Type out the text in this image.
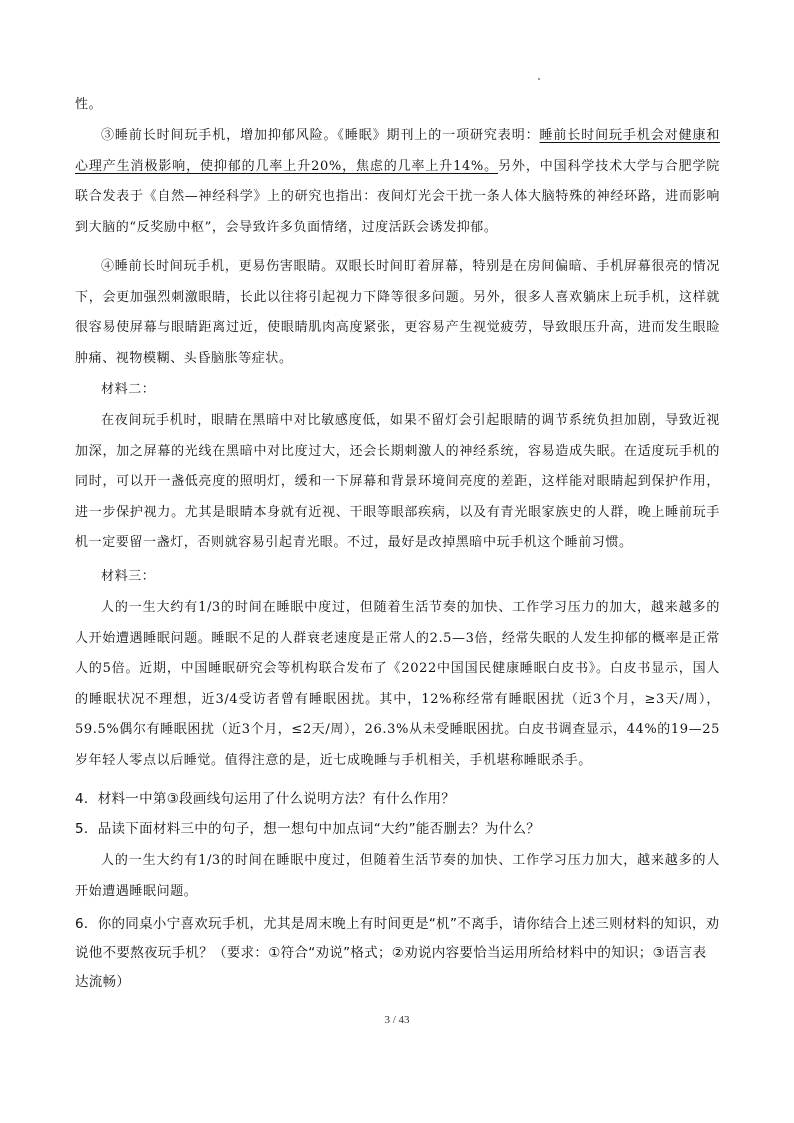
性。

③睡前长时间玩手机，增加抑郁风险。《睡眠》期刊上的一项研究表明：睡前长时间玩手机会对健康和心理产生消极影响，使抑郁的几率上升20%，焦虑的几率上升14%。另外，中国科学技术大学与合肥学院联合发表于《自然—神经科学》上的研究也指出：夜间灯光会干扰一条人体大脑特殊的神经环路，进而影响到大脑的“反奖励中枢”，会导致许多负面情绪，过度活跃会诱发抑郁。

④睡前长时间玩手机，更易伤害眼睛。双眼长时间盯着屏幕，特别是在房间偏暗、手机屏幕很亮的情况下，会更加强烈刺激眼睛，长此以往将引起视力下降等很多问题。另外，很多人喜欢躺床上玩手机，这样就很容易使屏幕与眼睛距离过近，使眼睛肌肉高度紧张，更容易产生视觉疲劳，导致眼压升高，进而发生眼睑肿痛、视物模糊、头昏脑胀等症状。

材料二：

在夜间玩手机时，眼睛在黑暗中对比敏感度低，如果不留灯会引起眼睛的调节系统负担加剧，导致近视加深，加之屏幕的光线在黑暗中对比度过大，还会长期刺激人的神经系统，容易造成失眠。在适度玩手机的同时，可以开一盏低亮度的照明灯，缓和一下屏幕和背景环境间亮度的差距，这样能对眼睛起到保护作用，进一步保护视力。尤其是眼睛本身就有近视、干眼等眼部疾病，以及有青光眼家族史的人群，晚上睡前玩手机一定要留一盏灯，否则就容易引起青光眼。不过，最好是改掉黑暗中玩手机这个睡前习惯。

材料三：

人的一生大约有1/3的时间在睡眠中度过，但随着生活节奏的加快、工作学习压力的加大，越来越多的人开始遭遇睡眠问题。睡眠不足的人群衰老速度是正常人的2.5—3倍，经常失眠的人发生抑郁的概率是正常人的5倍。近期，中国睡眠研究会等机构联合发布了《2022中国国民健康睡眠白皮书》。白皮书显示，国人的睡眠状况不理想，近3/4受访者曾有睡眠困扰。其中，12%称经常有睡眠困扰（近3个月，≥3天/周），59.5%偶尔有睡眠困扰（近3个月，≤2天/周），26.3%从未受睡眠困扰。白皮书调查显示，44%的19—25岁年轻人零点以后睡觉。值得注意的是，近七成晚睡与手机相关，手机堪称睡眠杀手。

4．材料一中第③段画线句运用了什么说明方法？有什么作用？

5．品读下面材料三中的句子，想一想句中加点词“大约”能否删去？为什么？

人的一生大约有1/3的时间在睡眠中度过，但随着生活节奏的加快、工作学习压力加大，越来越多的人开始遭遇睡眠问题。

6．你的同桌小宁喜欢玩手机，尤其是周末晚上有时间更是“机”不离手，请你结合上述三则材料的知识，劝说他不要熬夜玩手机？（要求：①符合“劝说”格式；②劝说内容要恰当运用所给材料中的知识；③语言表达流畅）

3 / 43
